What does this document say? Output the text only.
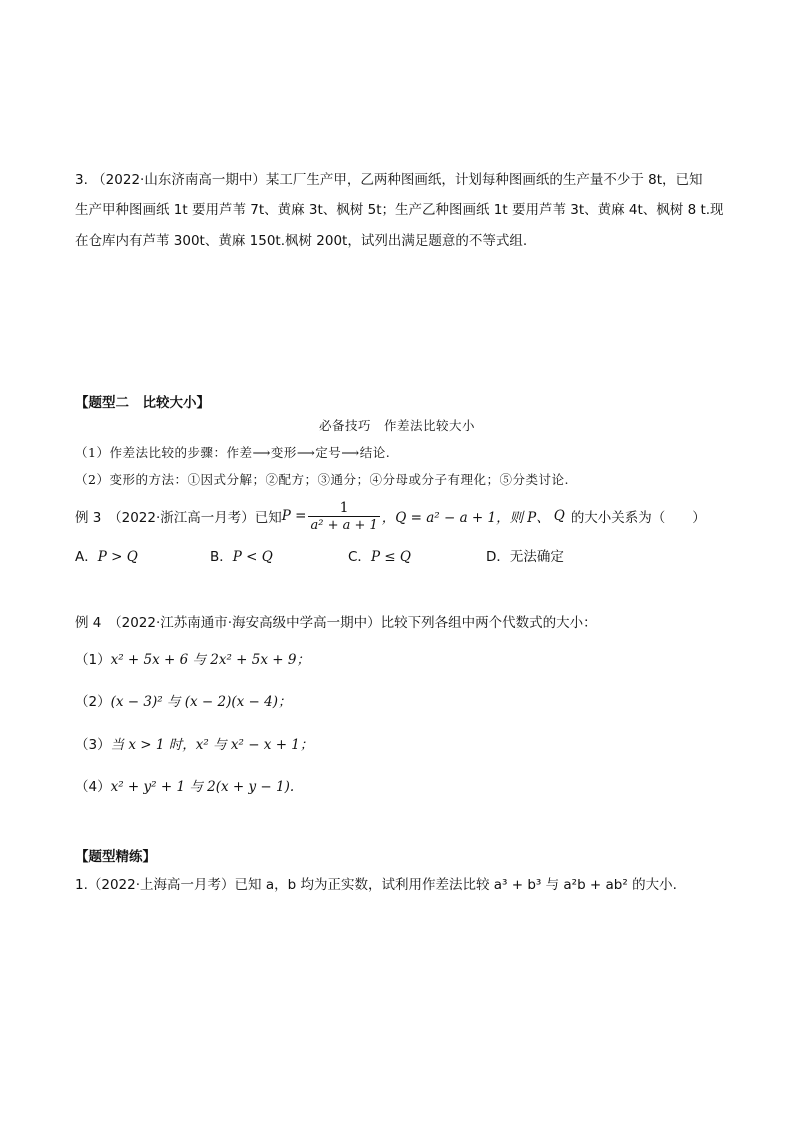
3. （2022·山东济南高一期中）某工厂生产甲，乙两种图画纸，计划每种图画纸的生产量不少于 8t，已知
生产甲种图画纸 1t 要用芦苇 7t、黄麻 3t、枫树 5t；生产乙种图画纸 1t 要用芦苇 3t、黄麻 4t、枫树 8 t.现
在仓库内有芦苇 300t、黄麻 150t.枫树 200t，试列出满足题意的不等式组.
【题型二　比较大小】
必备技巧　作差法比较大小
（1）作差法比较的步骤：作差⟶变形⟶定号⟶结论.
（2）变形的方法：①因式分解；②配方；③通分；④分母或分子有理化；⑤分类讨论.
例 3　（2022·浙江高一月考）已知 $P = \frac{1}{\text{a² + a + 1}}$ ，Q = a² − a + 1，则 P、 Q 的大小关系为（　　）
A．P > Q	B．P < Q	C．P ≤ Q	D．无法确定
例 4　（2022·江苏南通市·海安高级中学高一期中）比较下列各组中两个代数式的大小：
（1）x² + 5x + 6 与 2x² + 5x + 9；
（2）(x − 3)² 与 (x − 2)(x − 4)；
（3）当 x > 1 时，x² 与 x² − x + 1；
（4）x² + y² + 1 与 2(x + y − 1).
【题型精练】
1.（2022·上海高一月考）已知 a，b 均为正实数，试利用作差法比较 a³ + b³ 与 a²b + ab² 的大小.
